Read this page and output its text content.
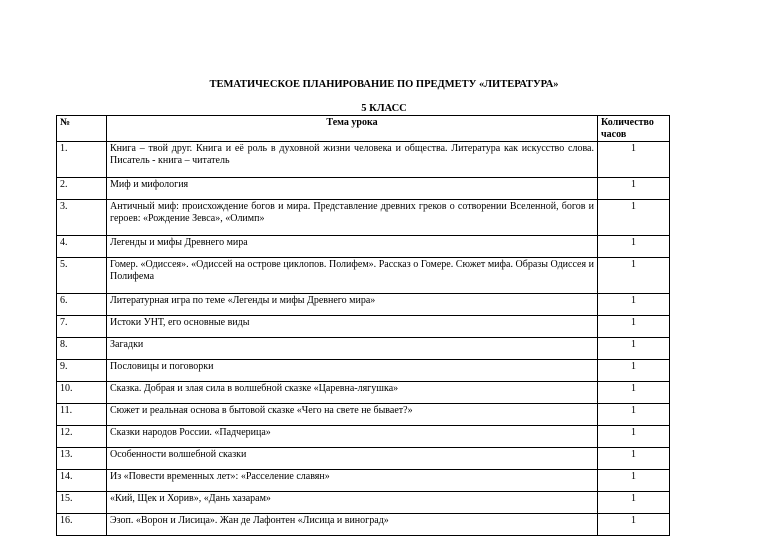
ТЕМАТИЧЕСКОЕ ПЛАНИРОВАНИЕ ПО ПРЕДМЕТУ «ЛИТЕРАТУРА»
5 КЛАСС
№	Тема урока	Количество часов
1.	Книга – твой друг. Книга и её роль в духовной жизни человека и общества. Литература как искусство слова. Писатель - книга – читатель	1
2.	Миф и мифология	1
3.	Античный миф: происхождение богов и мира. Представление древних греков о сотворении Вселенной, богов и героев: «Рождение Зевса», «Олимп»	1
4.	Легенды и мифы Древнего мира	1
5.	Гомер. «Одиссея». «Одиссей на острове циклопов. Полифем». Рассказ о Гомере. Сюжет мифа. Образы Одиссея и Полифема	1
6.	Литературная игра по теме «Легенды и мифы Древнего мира»	1
7.	Истоки УНТ, его основные виды	1
8.	Загадки	1
9.	Пословицы и поговорки	1
10.	Сказка. Добрая и злая сила в волшебной сказке «Царевна-лягушка»	1
11.	Сюжет и реальная основа в бытовой сказке «Чего на свете не бывает?»	1
12.	Сказки народов России. «Падчерица»	1
13.	Особенности волшебной сказки	1
14.	Из «Повести временных лет»: «Расселение славян»	1
15.	«Кий, Щек и Хорив», «Дань хазарам»	1
16.	Эзоп. «Ворон и Лисица». Жан де Лафонтен «Лисица и виноград»	1
